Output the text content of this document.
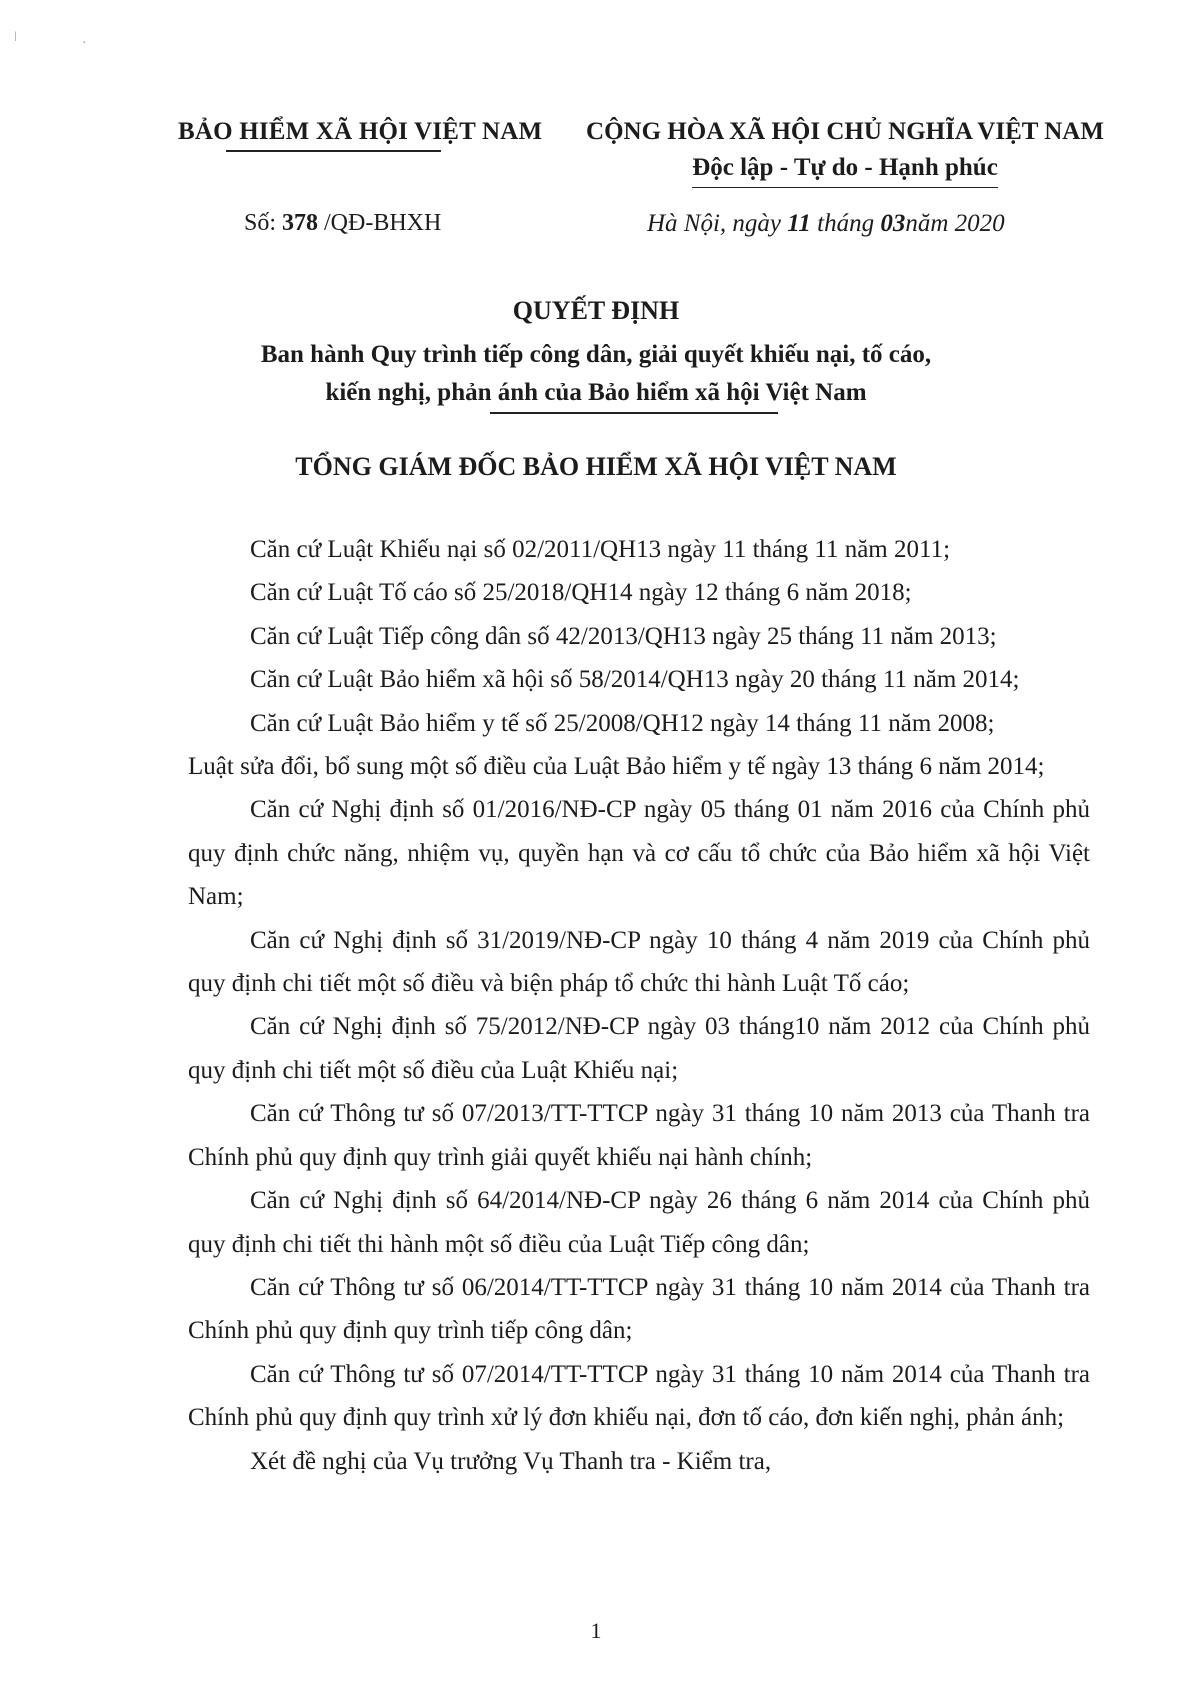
ǀ	·
BẢO HIỂM XÃ HỘI VIỆT NAM CỘNG HÒA XÃ HỘI CHỦ NGHĨA VIỆT NAM
Độc lập - Tự do - Hạnh phúc
Số: 378 /QĐ-BHXH	Hà Nội, ngày 11 tháng 03năm 2020
QUYẾT ĐỊNH
Ban hành Quy trình tiếp công dân, giải quyết khiếu nại, tố cáo,
kiến nghị, phản ánh của Bảo hiểm xã hội Việt Nam
TỔNG GIÁM ĐỐC BẢO HIỂM XÃ HỘI VIỆT NAM

Căn cứ Luật Khiếu nại số 02/2011/QH13 ngày 11 tháng 11 năm 2011;

Căn cứ Luật Tố cáo số 25/2018/QH14 ngày 12 tháng 6 năm 2018;

Căn cứ Luật Tiếp công dân số 42/2013/QH13 ngày 25 tháng 11 năm 2013;

Căn cứ Luật Bảo hiểm xã hội số 58/2014/QH13 ngày 20 tháng 11 năm 2014;

Căn cứ Luật Bảo hiểm y tế số 25/2008/QH12 ngày 14 tháng 11 năm 2008;

Luật sửa đổi, bổ sung một số điều của Luật Bảo hiểm y tế ngày 13 tháng 6 năm 2014;

Căn cứ Nghị định số 01/2016/NĐ-CP ngày 05 tháng 01 năm 2016 của Chính phủ quy định chức năng, nhiệm vụ, quyền hạn và cơ cấu tổ chức của Bảo hiểm xã hội Việt Nam;

Căn cứ Nghị định số 31/2019/NĐ-CP ngày 10 tháng 4 năm 2019 của Chính phủ quy định chi tiết một số điều và biện pháp tổ chức thi hành Luật Tố cáo;

Căn cứ Nghị định số 75/2012/NĐ-CP ngày 03 tháng10 năm 2012 của Chính phủ quy định chi tiết một số điều của Luật Khiếu nại;

Căn cứ Thông tư số 07/2013/TT-TTCP ngày 31 tháng 10 năm 2013 của Thanh tra Chính phủ quy định quy trình giải quyết khiếu nại hành chính;

Căn cứ Nghị định số 64/2014/NĐ-CP ngày 26 tháng 6 năm 2014 của Chính phủ quy định chi tiết thi hành một số điều của Luật Tiếp công dân;

Căn cứ Thông tư số 06/2014/TT-TTCP ngày 31 tháng 10 năm 2014 của Thanh tra Chính phủ quy định quy trình tiếp công dân;

Căn cứ Thông tư số 07/2014/TT-TTCP ngày 31 tháng 10 năm 2014 của Thanh tra Chính phủ quy định quy trình xử lý đơn khiếu nại, đơn tố cáo, đơn kiến nghị, phản ánh;

Xét đề nghị của Vụ trưởng Vụ Thanh tra - Kiểm tra,

1
